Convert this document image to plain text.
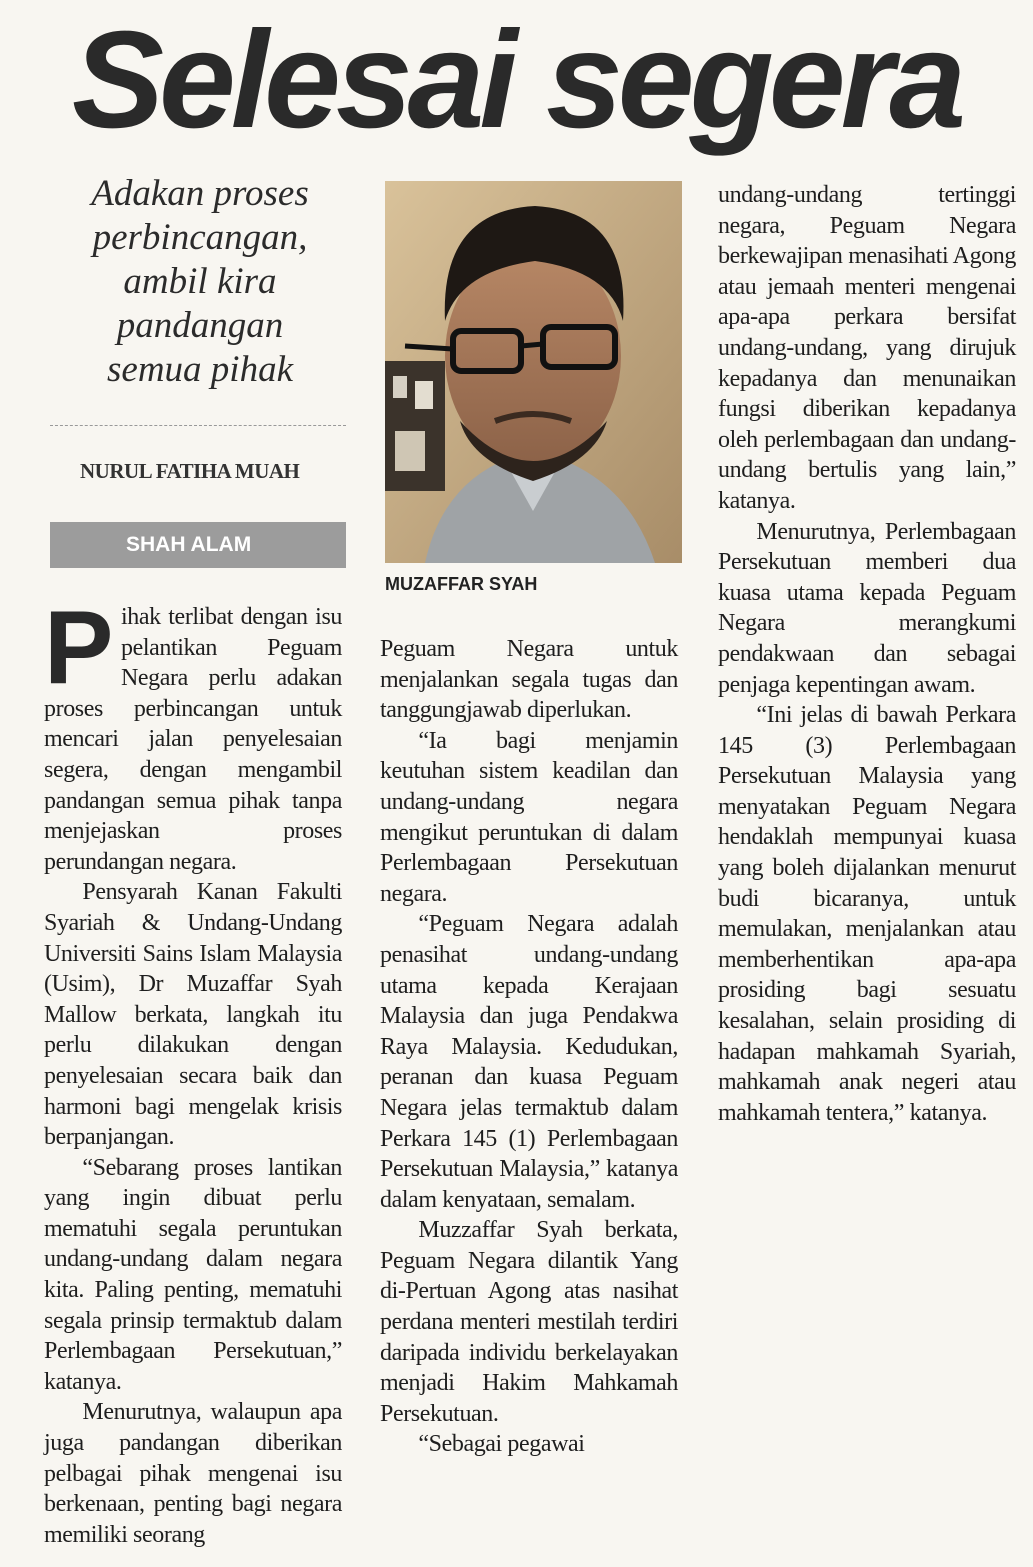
Selesai segera

Adakan proses
perbincangan,
ambil kira
pandangan
semua pihak

NURUL FATIHA MUAH
SHAH ALAM
MUZAFFAR SYAH

Pihak terlibat dengan isu pelantikan Peguam Negara perlu adakan proses perbincangan untuk mencari jalan penyelesaian segera, dengan mengambil pandangan semua pihak tanpa menjejaskan proses perundangan negara.

Pensyarah Kanan Fakulti Syariah & Undang-Undang Universiti Sains Islam Malaysia (Usim), Dr Muzaffar Syah Mallow berkata, langkah itu perlu dilakukan dengan penyelesaian secara baik dan harmoni bagi mengelak krisis berpanjangan.

“Sebarang proses lantikan yang ingin dibuat perlu mematuhi segala peruntukan undang-undang dalam negara kita. Paling penting, mematuhi segala prinsip termaktub dalam Perlembagaan Persekutuan,” katanya.

Menurutnya, walaupun apa juga pandangan diberikan pelbagai pihak mengenai isu berkenaan, penting bagi negara memiliki seorang

Peguam Negara untuk menjalankan segala tugas dan tanggungjawab diperlukan.

“Ia bagi menjamin keutuhan sistem keadilan dan undang-undang negara mengikut peruntukan di dalam Perlembagaan Persekutuan negara.

“Peguam Negara adalah penasihat undang-undang utama kepada Kerajaan Malaysia dan juga Pendakwa Raya Malaysia. Kedudukan, peranan dan kuasa Peguam Negara jelas termaktub dalam Perkara 145 (1) Perlembagaan Persekutuan Malaysia,” katanya dalam kenyataan, semalam.

Muzzaffar Syah berkata, Peguam Negara dilantik Yang di-Pertuan Agong atas nasihat perdana menteri mestilah terdiri daripada individu berkelayakan menjadi Hakim Mahkamah Persekutuan.

“Sebagai pegawai

undang-undang tertinggi negara, Peguam Negara berkewajipan menasihati Agong atau jemaah menteri mengenai apa-apa perkara bersifat undang-undang, yang dirujuk kepadanya dan menunaikan fungsi diberikan kepadanya oleh perlembagaan dan undang-undang bertulis yang lain,” katanya.

Menurutnya, Perlembagaan Persekutuan memberi dua kuasa utama kepada Peguam Negara merangkumi pendakwaan dan sebagai penjaga kepentingan awam.

“Ini jelas di bawah Perkara 145 (3) Perlembagaan Persekutuan Malaysia yang menyatakan Peguam Negara hendaklah mempunyai kuasa yang boleh dijalankan menurut budi bicaranya, untuk memulakan, menjalankan atau memberhentikan apa-apa prosiding bagi sesuatu kesalahan, selain prosiding di hadapan mahkamah Syariah, mahkamah anak negeri atau mahkamah tentera,” katanya.
